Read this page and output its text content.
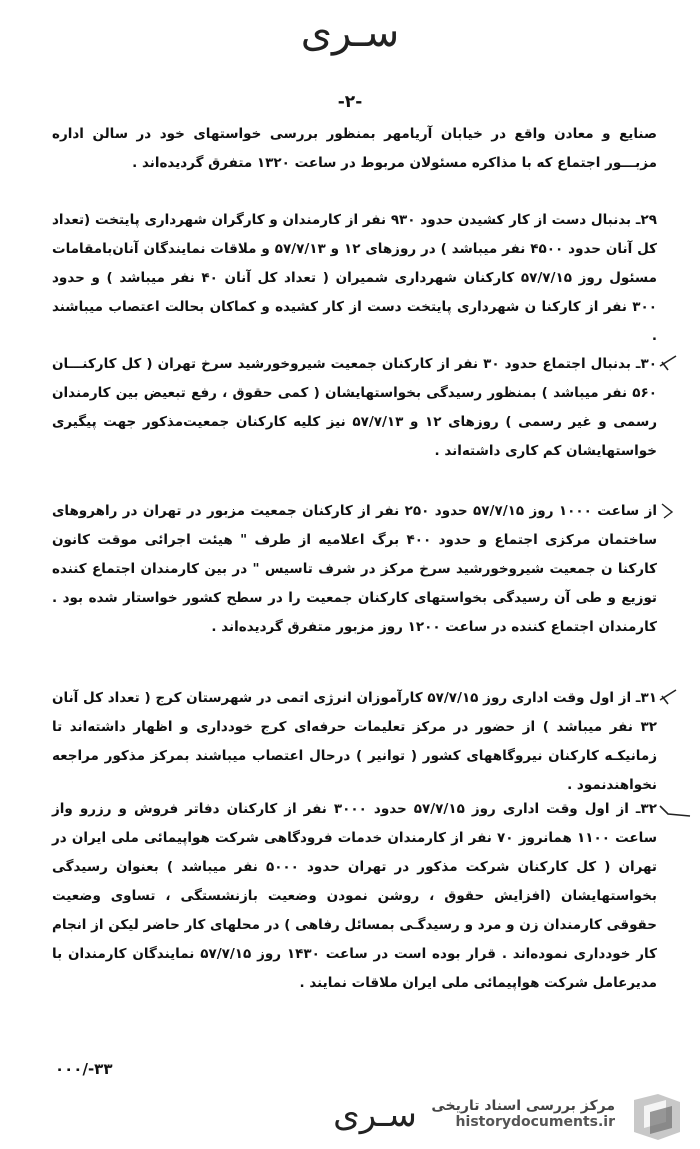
سـری
-۲-

صنایع و معادن واقع در خیابان آریامهر بمنظور بررسی خواستهای خود در سالن اداره مزبـــور اجتماع که با مذاکره مسئولان مربوط در ساعت ۱۳۲۰ متفرق گردیده‌اند .

۲۹ـ بدنبال دست از کار کشیدن حدود ۹۳۰ نفر از کارمندان و کارگران شهرداری پایتخت (تعداد کل آنان حدود ۴۵۰۰ نفر میباشد ) در روزهای ۱۲ و ۵۷/۷/۱۳ و ملاقات نمایندگان آنان‌بامقامات مسئول روز ۵۷/۷/۱۵ کارکنان شهرداری شمیران ( تعداد کل آنان ۴۰ نفر میباشد ) و حدود ۳۰۰ نفر از کارکنا ن شهرداری پایتخت دست از کار کشیده و کماکان بحالت اعتصاب میباشند .

۳۰ـ بدنبال اجتماع حدود ۳۰ نفر از کارکنان جمعیت شیروخورشید سرخ تهران ( کل کارکنـــان ۵۶۰ نفر میباشد ) بمنظور رسیدگی بخواستهایشان ( کمی حقوق ، رفع تبعیض بین کارمندان رسمی و غیر رسمی ) روزهای ۱۲ و ۵۷/۷/۱۳ نیز کلیه کارکنان جمعیت‌مذکور جهت پیگیری خواستهایشان کم کاری داشته‌اند .

از ساعت ۱۰۰۰ روز ۵۷/۷/۱۵ حدود ۲۵۰ نفر از کارکنان جمعیت مزبور در تهران در راهروهای ساختمان مرکزی اجتماع و حدود ۴۰۰ برگ اعلامیه از طرف " هیئت اجرائی موقت کانون کارکنا ن جمعیت شیروخورشید سرخ مرکز در شرف تاسیس " در بین کارمندان اجتماع کننده توزیع و طی آن رسیدگی بخواستهای کارکنان جمعیت را در سطح کشور خواستار شده بود . کارمندان اجتماع کننده در ساعت ۱۲۰۰ روز مزبور متفرق گردیده‌اند .

۳۱ـ از اول وقت اداری روز ۵۷/۷/۱۵ کارآموزان انرژی اتمی در شهرستان کرج ( تعداد کل آنان ۳۲ نفر میباشد ) از حضور در مرکز تعلیمات حرفه‌ای کرج خودداری و اظهار داشته‌اند تا زمانیکـه کارکنان نیروگاههای کشور ( توانیر ) درحال اعتصاب میباشند بمرکز مذکور مراجعه نخواهندنمود .

۳۲ـ از اول وقت اداری روز ۵۷/۷/۱۵ حدود ۳۰۰۰ نفر از کارکنان دفاتر فروش و رزرو واز ساعت ۱۱۰۰ همانروز ۷۰ نفر از کارمندان خدمات فرودگاهی شرکت هواپیمائی ملی ایران در تهران ( کل کارکنان شرکت مذکور در تهران حدود ۵۰۰۰ نفر میباشد ) بعنوان رسیدگی بخواستهایشان (افزایش حقوق ، روشن نمودن وضعیت بازنشستگی ، تساوی وضعیت حقوقی کارمندان زن و مرد و رسیدگـی بمسائل رفاهی ) در محلهای کار حاضر لیکن از انجام کار خودداری نموده‌اند . قرار بوده است در ساعت ۱۴۳۰ روز ۵۷/۷/۱۵ نمایندگان کارمندان با مدیرعامل شرکت هواپیمائی ملی ایران ملاقات نمایند .

۰۰۰/-۳۳
سـری	مرکز بررسی اسناد تاریخی
historydocuments.ir
